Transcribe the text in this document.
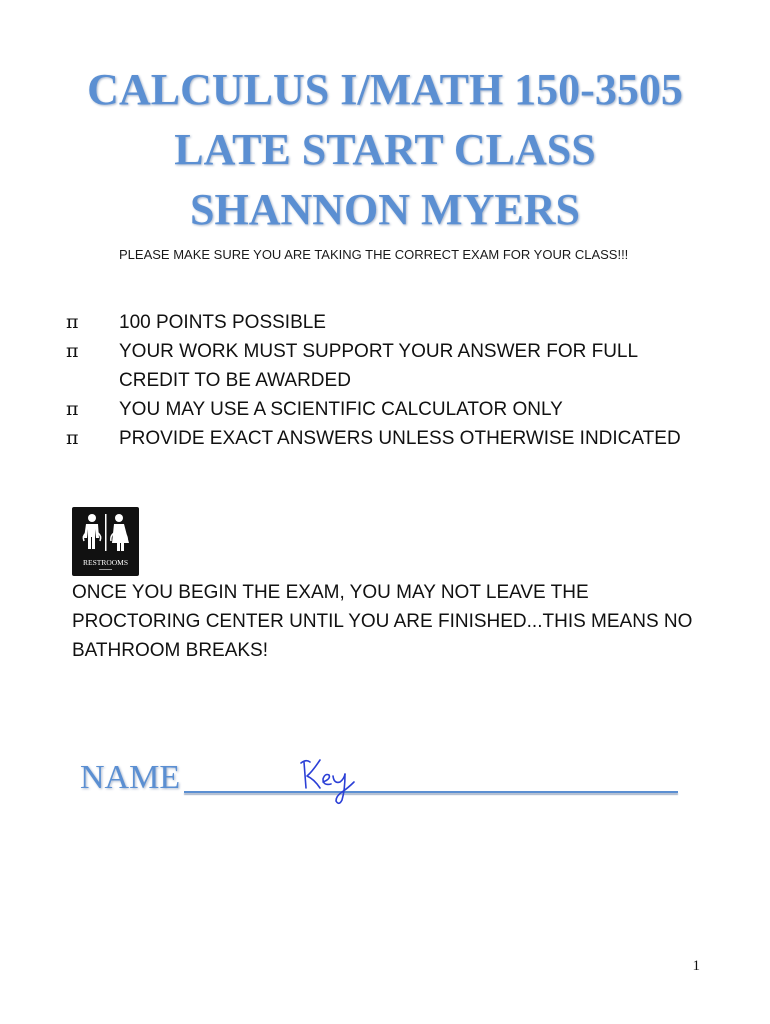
CALCULUS I/MATH 150-3505
LATE START CLASS
SHANNON MYERS

PLEASE MAKE SURE YOU ARE TAKING THE CORRECT EXAM FOR YOUR CLASS!!!

π	100 POINTS POSSIBLE
π	YOUR WORK MUST SUPPORT YOUR ANSWER FOR FULL CREDIT TO BE AWARDED
π	YOU MAY USE A SCIENTIFIC CALCULATOR ONLY
π	PROVIDE EXACT ANSWERS UNLESS OTHERWISE INDICATED
RESTROOMS

ONCE YOU BEGIN THE EXAM, YOU MAY NOT LEAVE THE PROCTORING CENTER UNTIL YOU ARE FINISHED...THIS MEANS NO BATHROOM BREAKS!

NAME
1
